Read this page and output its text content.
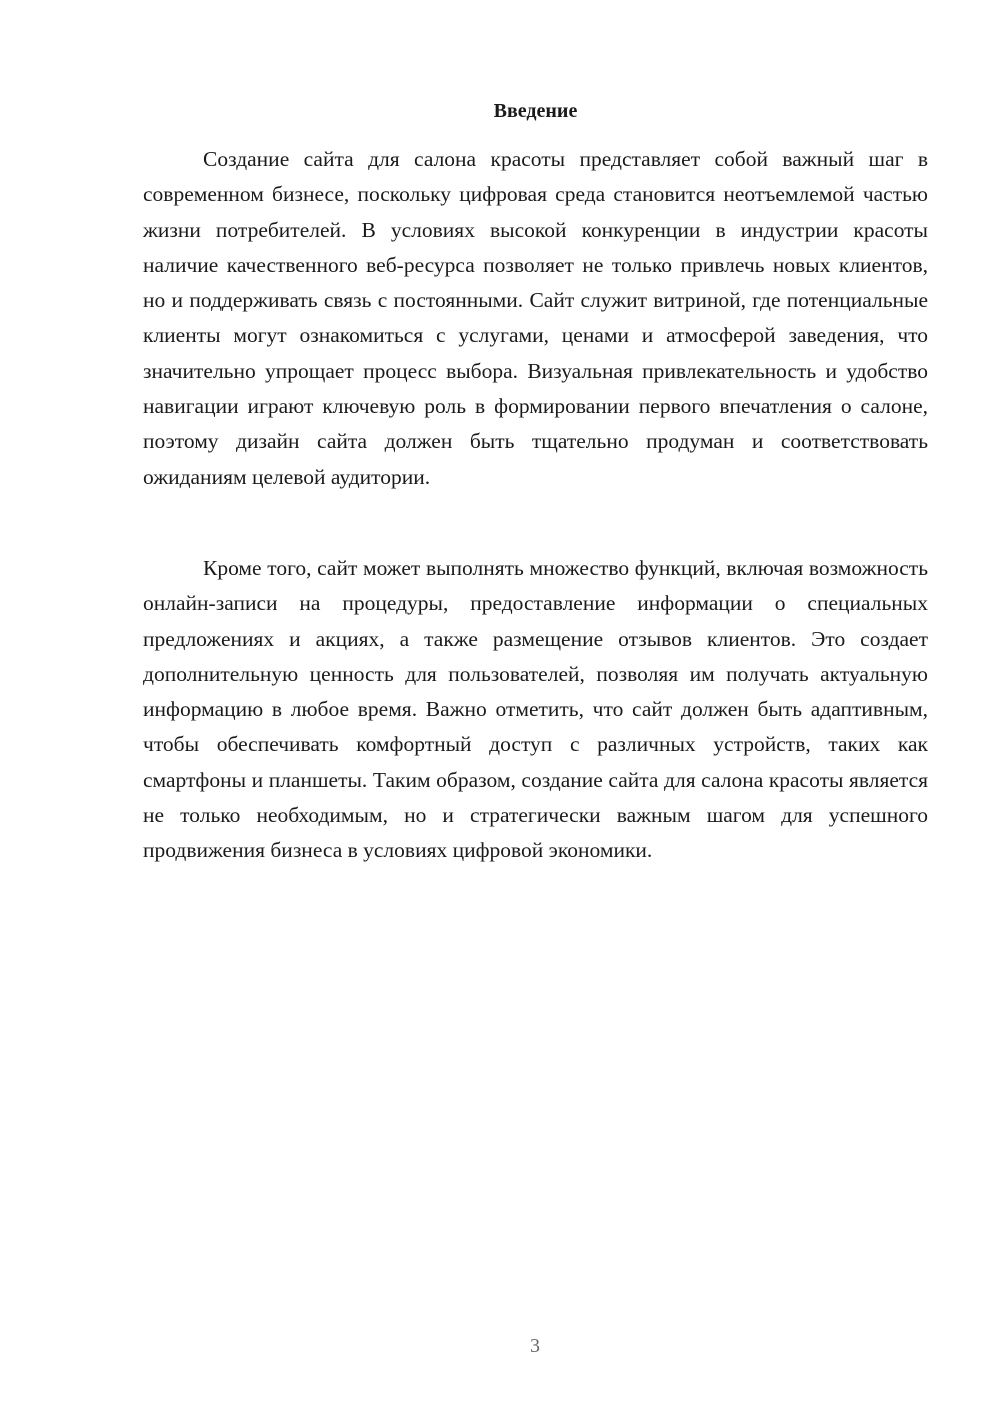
Введение

Создание сайта для салона красоты представляет собой важный шаг в современном бизнесе, поскольку цифровая среда становится неотъемлемой частью жизни потребителей. В условиях высокой конкуренции в индустрии красоты наличие качественного веб-ресурса позволяет не только привлечь новых клиентов, но и поддерживать связь с постоянными. Сайт служит витриной, где потенциальные клиенты могут ознакомиться с услугами, ценами и атмосферой заведения, что значительно упрощает процесс выбора. Визуальная привлекательность и удобство навигации играют ключевую роль в формировании первого впечатления о салоне, поэтому дизайн сайта должен быть тщательно продуман и соответствовать ожиданиям целевой аудитории.

Кроме того, сайт может выполнять множество функций, включая возможность онлайн-записи на процедуры, предоставление информации о специальных предложениях и акциях, а также размещение отзывов клиентов. Это создает дополнительную ценность для пользователей, позволяя им получать актуальную информацию в любое время. Важно отметить, что сайт должен быть адаптивным, чтобы обеспечивать комфортный доступ с различных устройств, таких как смартфоны и планшеты. Таким образом, создание сайта для салона красоты является не только необходимым, но и стратегически важным шагом для успешного продвижения бизнеса в условиях цифровой экономики.

3
